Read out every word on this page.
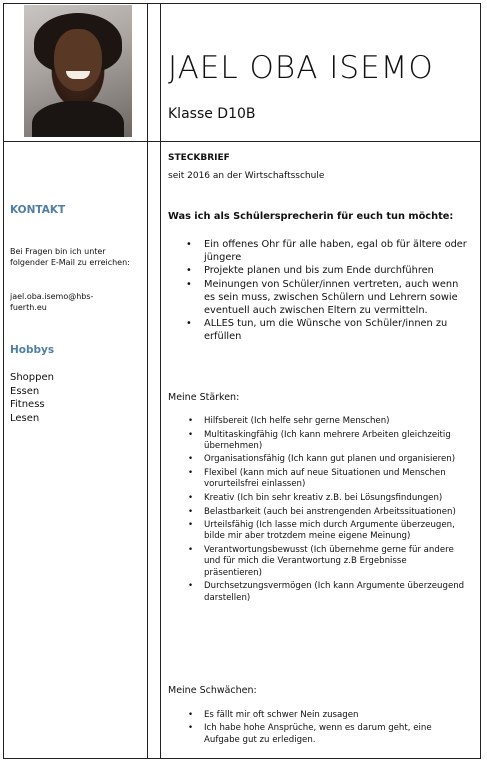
JAEL OBA ISEMO
Klasse D10B
KONTAKT
Bei Fragen bin ich unter folgender E-Mail zu erreichen:
jael.oba.isemo@hbs-fuerth.eu
Hobbys
Shoppen
Essen
Fitness
Lesen
STECKBRIEF
seit 2016 an der Wirtschaftsschule
Was ich als Schülersprecherin für euch tun möchte:
• Ein offenes Ohr für alle haben, egal ob für ältere oder jüngere
• Projekte planen und bis zum Ende durchführen
• Meinungen von Schüler/innen vertreten, auch wenn es sein muss, zwischen Schülern und Lehrern sowie eventuell auch zwischen Eltern zu vermitteln.
• ALLES tun, um die Wünsche von Schüler/innen zu erfüllen
Meine Stärken:
• Hilfsbereit (Ich helfe sehr gerne Menschen)
• Multitaskingfähig (Ich kann mehrere Arbeiten gleichzeitig übernehmen)
• Organisationsfähig (Ich kann gut planen und organisieren)
• Flexibel (kann mich auf neue Situationen und Menschen vorurteilsfrei einlassen)
• Kreativ (Ich bin sehr kreativ z.B. bei Lösungsfindungen)
• Belastbarkeit (auch bei anstrengenden Arbeitssituationen)
• Urteilsfähig (Ich lasse mich durch Argumente überzeugen, bilde mir aber trotzdem meine eigene Meinung)
• Verantwortungsbewusst (Ich übernehme gerne für andere und für mich die Verantwortung z.B Ergebnisse präsentieren)
• Durchsetzungsvermögen (Ich kann Argumente überzeugend darstellen)
Meine Schwächen:
• Es fällt mir oft schwer Nein zusagen
• Ich habe hohe Ansprüche, wenn es darum geht, eine Aufgabe gut zu erledigen.
